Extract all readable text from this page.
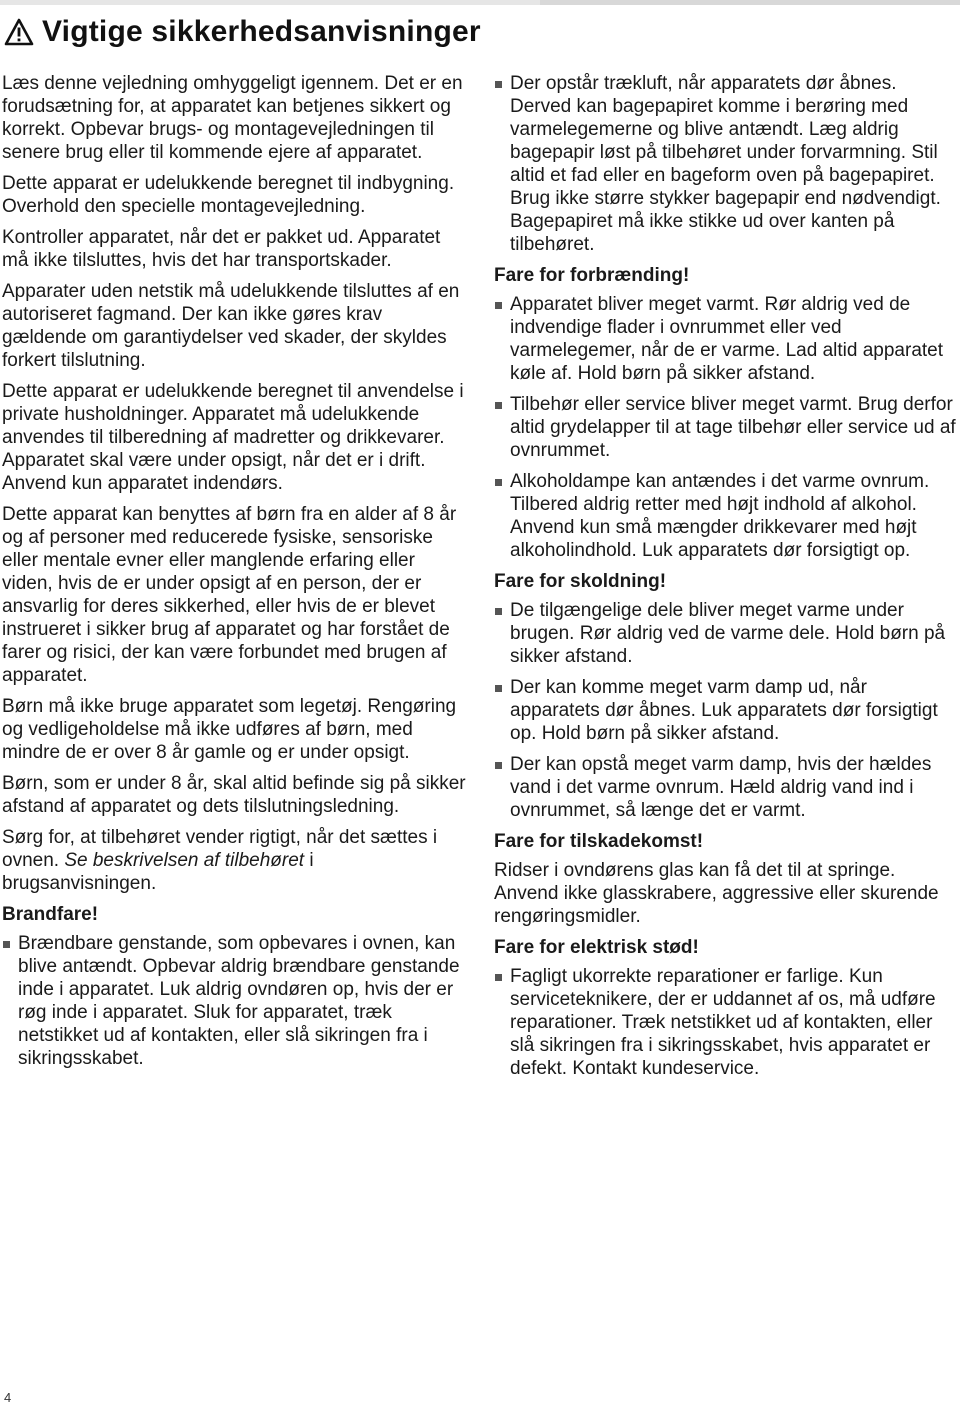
Vigtige sikkerhedsanvisninger

Læs denne vejledning omhyggeligt igennem. Det er en forudsætning for, at apparatet kan betjenes sikkert og korrekt. Opbevar brugs- og montagevejledningen til senere brug eller til kommende ejere af apparatet.

Dette apparat er udelukkende beregnet til indbygning. Overhold den specielle montagevejledning.

Kontroller apparatet, når det er pakket ud. Apparatet må ikke tilsluttes, hvis det har transportskader.

Apparater uden netstik må udelukkende tilsluttes af en autoriseret fagmand. Der kan ikke gøres krav gældende om garantiydelser ved skader, der skyldes forkert tilslutning.

Dette apparat er udelukkende beregnet til anvendelse i private husholdninger. Apparatet må udelukkende anvendes til tilberedning af madretter og drikkevarer. Apparatet skal være under opsigt, når det er i drift. Anvend kun apparatet indendørs.

Dette apparat kan benyttes af børn fra en alder af 8 år og af personer med reducerede fysiske, sensoriske eller mentale evner eller manglende erfaring eller viden, hvis de er under opsigt af en person, der er ansvarlig for deres sikkerhed, eller hvis de er blevet instrueret i sikker brug af apparatet og har forstået de farer og risici, der kan være forbundet med brugen af apparatet.

Børn må ikke bruge apparatet som legetøj. Rengøring og vedligeholdelse må ikke udføres af børn, med mindre de er over 8 år gamle og er under opsigt.

Børn, som er under 8 år, skal altid befinde sig på sikker afstand af apparatet og dets tilslutningsledning.

Sørg for, at tilbehøret vender rigtigt, når det sættes i ovnen. Se beskrivelsen af tilbehøret i brugsanvisningen.

Brandfare!
Brændbare genstande, som opbevares i ovnen, kan blive antændt. Opbevar aldrig brændbare genstande inde i apparatet. Luk aldrig ovndøren op, hvis der er røg inde i apparatet. Sluk for apparatet, træk netstikket ud af kontakten, eller slå sikringen fra i sikringsskabet.
Der opstår trækluft, når apparatets dør åbnes. Derved kan bagepapiret komme i berøring med varmelegemerne og blive antændt. Læg aldrig bagepapir løst på tilbehøret under forvarmning. Stil altid et fad eller en bageform oven på bagepapiret. Brug ikke større stykker bagepapir end nødvendigt. Bagepapiret må ikke stikke ud over kanten på tilbehøret.
Fare for forbrænding!
Apparatet bliver meget varmt. Rør aldrig ved de indvendige flader i ovnrummet eller ved varmelegemer, når de er varme. Lad altid apparatet køle af. Hold børn på sikker afstand.
Tilbehør eller service bliver meget varmt. Brug derfor altid grydelapper til at tage tilbehør eller service ud af ovnrummet.
Alkoholdampe kan antændes i det varme ovnrum. Tilbered aldrig retter med højt indhold af alkohol. Anvend kun små mængder drikkevarer med højt alkoholindhold. Luk apparatets dør forsigtigt op.
Fare for skoldning!
De tilgængelige dele bliver meget varme under brugen. Rør aldrig ved de varme dele. Hold børn på sikker afstand.
Der kan komme meget varm damp ud, når apparatets dør åbnes. Luk apparatets dør forsigtigt op. Hold børn på sikker afstand.
Der kan opstå meget varm damp, hvis der hældes vand i det varme ovnrum. Hæld aldrig vand ind i ovnrummet, så længe det er varmt.
Fare for tilskadekomst!

Ridser i ovndørens glas kan få det til at springe. Anvend ikke glasskrabere, aggressive eller skurende rengøringsmidler.

Fare for elektrisk stød!
Fagligt ukorrekte reparationer er farlige. Kun serviceteknikere, der er uddannet af os, må udføre reparationer. Træk netstikket ud af kontakten, eller slå sikringen fra i sikringsskabet, hvis apparatet er defekt. Kontakt kundeservice.
4
